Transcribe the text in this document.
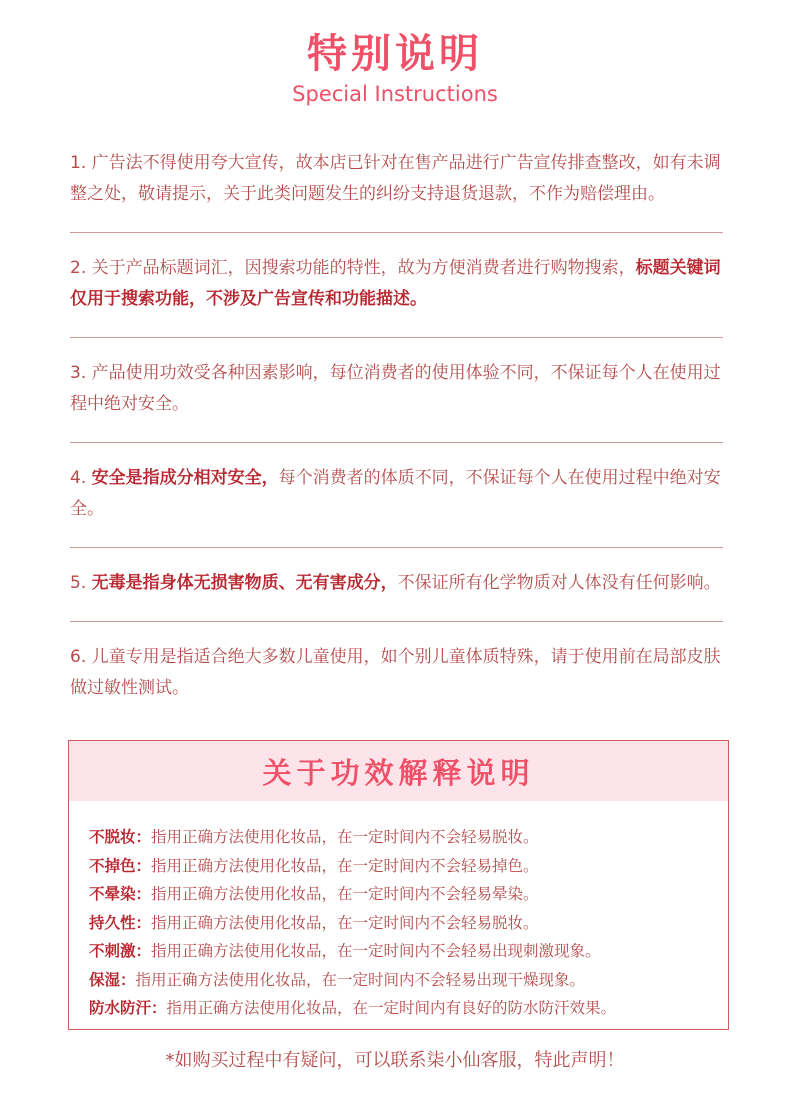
特别说明
Special Instructions

1. 广告法不得使用夸大宣传，故本店已针对在售产品进行广告宣传排查整改，如有未调整之处，敬请提示，关于此类问题发生的纠纷支持退货退款，不作为赔偿理由。

2. 关于产品标题词汇，因搜索功能的特性，故为方便消费者进行购物搜索，标题关键词仅用于搜索功能，不涉及广告宣传和功能描述。

3. 产品使用功效受各种因素影响，每位消费者的使用体验不同，不保证每个人在使用过程中绝对安全。

4. 安全是指成分相对安全，每个消费者的体质不同，不保证每个人在使用过程中绝对安全。

5. 无毒是指身体无损害物质、无有害成分，不保证所有化学物质对人体没有任何影响。

6. 儿童专用是指适合绝大多数儿童使用，如个别儿童体质特殊，请于使用前在局部皮肤做过敏性测试。

关于功效解释说明
不脱妆：指用正确方法使用化妆品，在一定时间内不会轻易脱妆。
不掉色：指用正确方法使用化妆品，在一定时间内不会轻易掉色。
不晕染：指用正确方法使用化妆品，在一定时间内不会轻易晕染。
持久性：指用正确方法使用化妆品，在一定时间内不会轻易脱妆。
不刺激：指用正确方法使用化妆品，在一定时间内不会轻易出现刺激现象。
保湿：指用正确方法使用化妆品，在一定时间内不会轻易出现干燥现象。
防水防汗：指用正确方法使用化妆品，在一定时间内有良好的防水防汗效果。
*如购买过程中有疑问，可以联系柒小仙客服，特此声明！
